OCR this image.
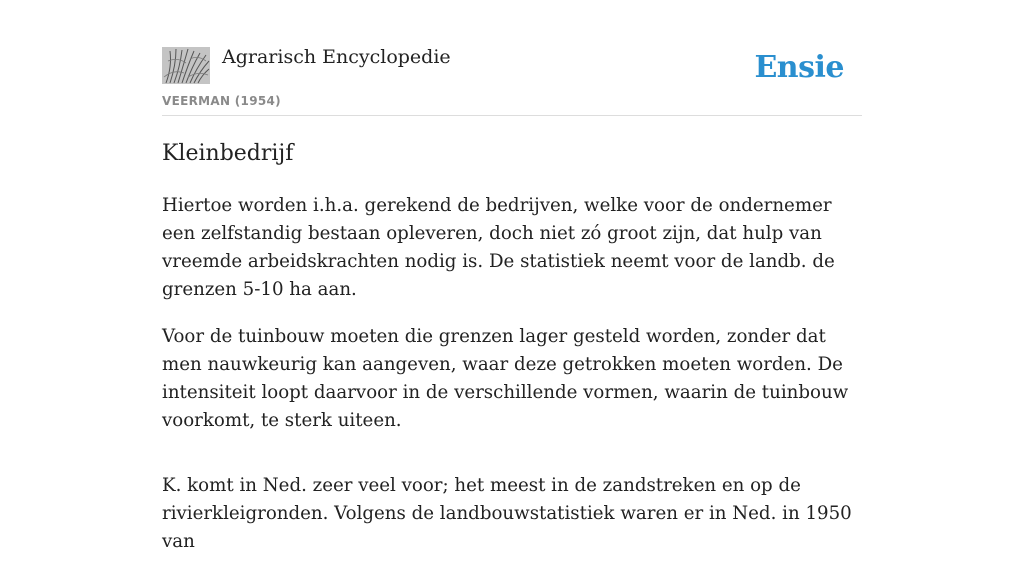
Agrarisch Encyclopedie
VEERMAN (1954)
Ensie
Kleinbedrijf

Hiertoe worden i.h.a. gerekend de bedrijven, welke voor de ondernemer een zelfstandig bestaan opleveren, doch niet zó groot zijn, dat hulp van vreemde arbeidskrachten nodig is. De statistiek neemt voor de landb. de grenzen 5-10 ha aan.

Voor de tuinbouw moeten die grenzen lager gesteld worden, zonder dat men nauwkeurig kan aangeven, waar deze getrokken moeten worden. De intensiteit loopt daarvoor in de verschillende vormen, waarin de tuinbouw voorkomt, te sterk uiteen.

K. komt in Ned. zeer veel voor; het meest in de zandstreken en op de rivierkleigronden. Volgens de landbouwstatistiek waren er in Ned. in 1950 van
